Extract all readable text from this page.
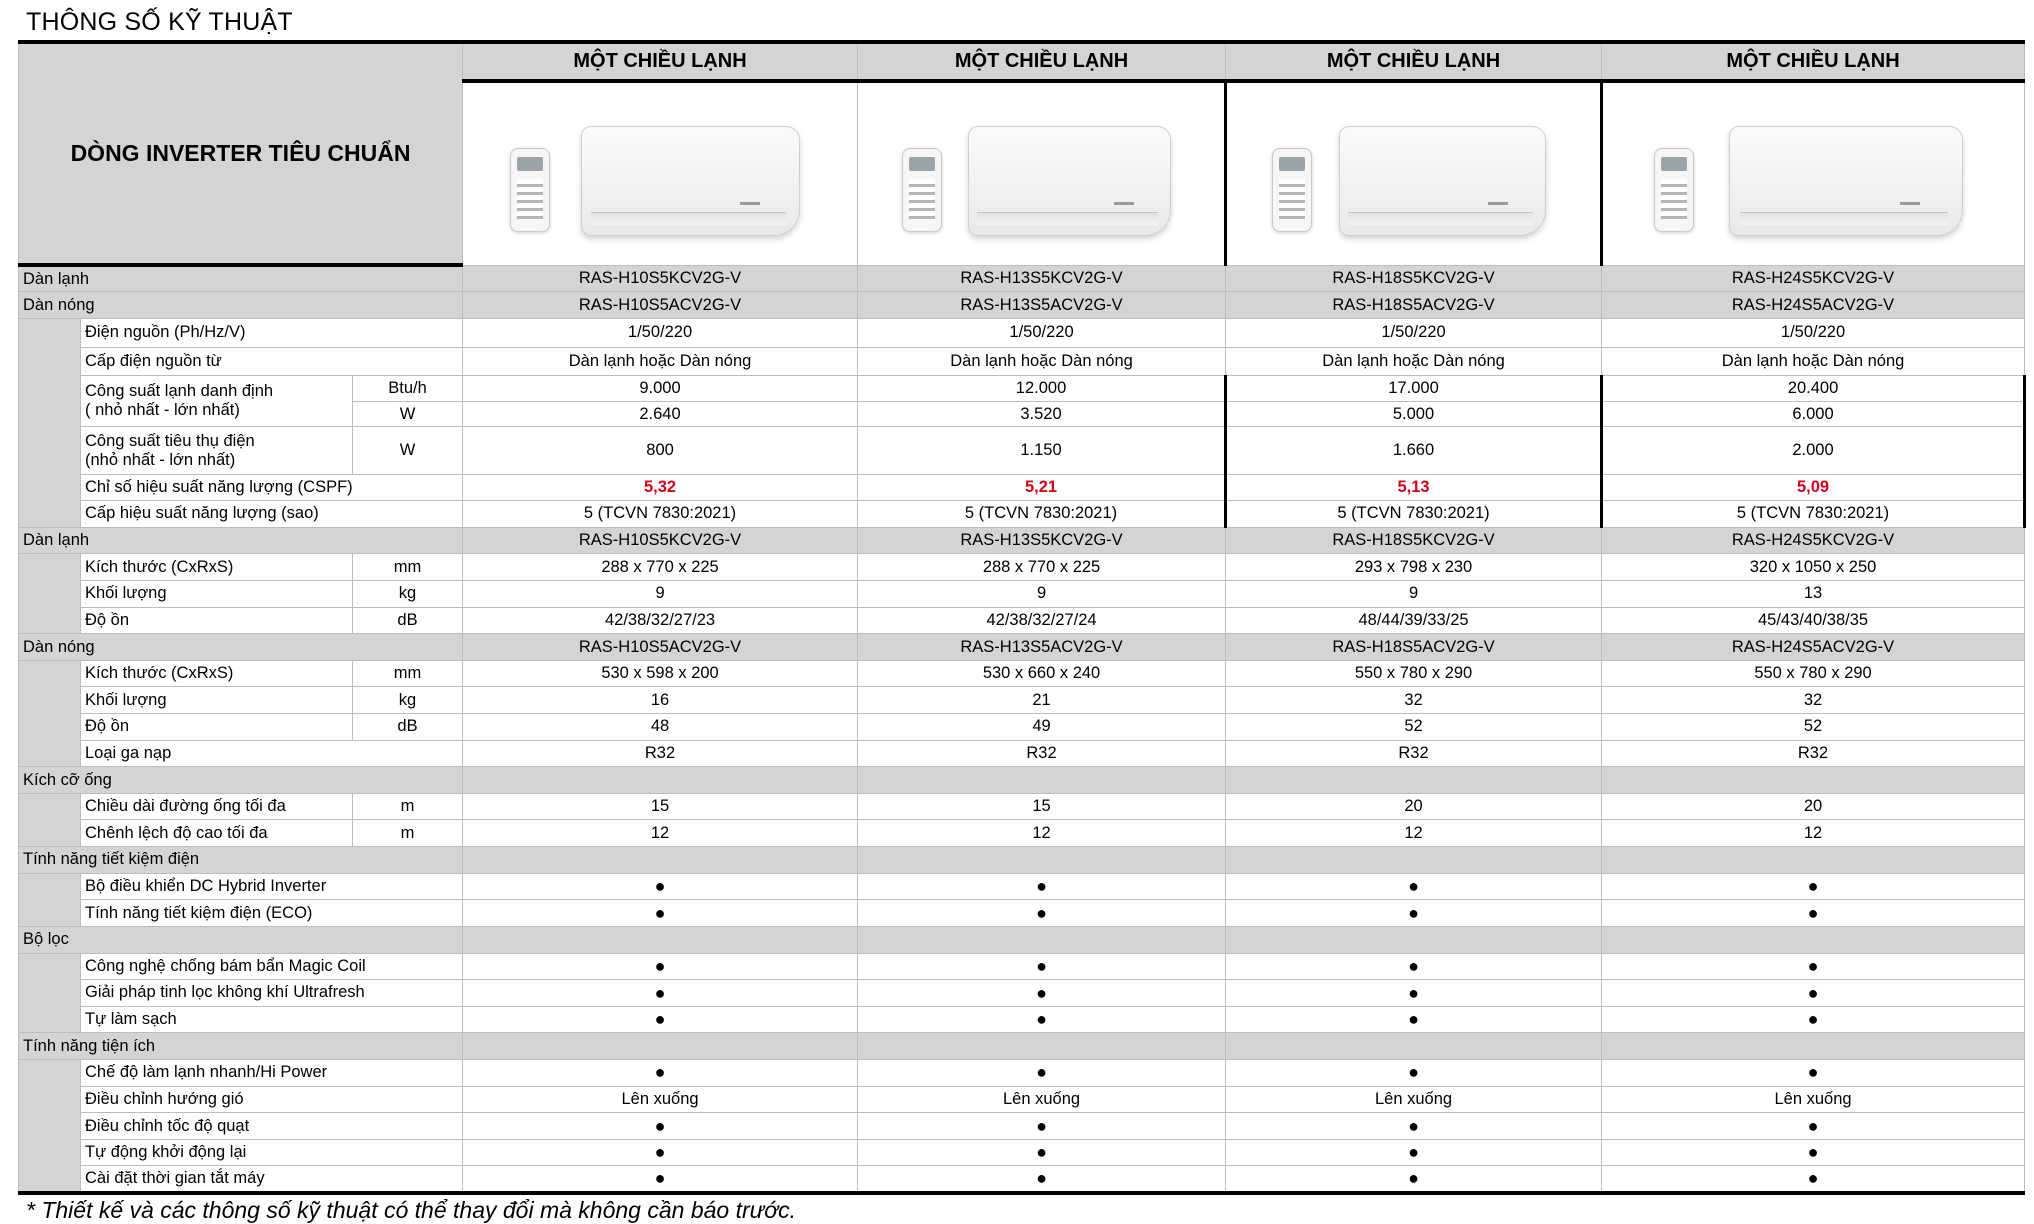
THÔNG SỐ KỸ THUẬT
DÒNG INVERTER TIÊU CHUẨN			MỘT CHIỀU LẠNH	MỘT CHIỀU LẠNH	MỘT CHIỀU LẠNH	MỘT CHIỀU LẠNH

Dàn lạnh			RAS-H10S5KCV2G-V	RAS-H13S5KCV2G-V	RAS-H18S5KCV2G-V	RAS-H24S5KCV2G-V
Dàn nóng			RAS-H10S5ACV2G-V	RAS-H13S5ACV2G-V	RAS-H18S5ACV2G-V	RAS-H24S5ACV2G-V
	Điện nguồn (Ph/Hz/V)		1/50/220	1/50/220	1/50/220	1/50/220
	Cấp điện nguồn từ		Dàn lạnh hoặc Dàn nóng	Dàn lạnh hoặc Dàn nóng	Dàn lạnh hoặc Dàn nóng	Dàn lạnh hoặc Dàn nóng

	Công suất lạnh danh định
( nhỏ nhất - lớn nhất)	Btu/h	9.000	12.000	17.000	20.400
		W	2.640	3.520	5.000	6.000

	Công suất tiêu thụ điện
(nhỏ nhất - lớn nhất)	W	800	1.150	1.660	2.000
	Chỉ số hiệu suất năng lượng (CSPF)		5,32	5,21	5,13	5,09
	Cấp hiệu suất năng lượng (sao)		5 (TCVN 7830:2021)	5 (TCVN 7830:2021)	5 (TCVN 7830:2021)	5 (TCVN 7830:2021)
Dàn lạnh			RAS-H10S5KCV2G-V	RAS-H13S5KCV2G-V	RAS-H18S5KCV2G-V	RAS-H24S5KCV2G-V
	Kích thước (CxRxS)	mm	288 x 770 x 225	288 x 770 x 225	293 x 798 x 230	320 x 1050 x 250
	Khối lượng	kg	9	9	9	13
	Độ ồn	dB	42/38/32/27/23	42/38/32/27/24	48/44/39/33/25	45/43/40/38/35
Dàn nóng			RAS-H10S5ACV2G-V	RAS-H13S5ACV2G-V	RAS-H18S5ACV2G-V	RAS-H24S5ACV2G-V
	Kích thước (CxRxS)	mm	530 x 598 x 200	530 x 660 x 240	550 x 780 x 290	550 x 780 x 290
	Khối lượng	kg	16	21	32	32
	Độ ồn	dB	48	49	52	52
	Loại ga nạp		R32	R32	R32	R32
Kích cỡ ống						
	Chiều dài đường ống tối đa	m	15	15	20	20
	Chênh lệch độ cao tối đa	m	12	12	12	12
Tính năng tiết kiệm điện						
	Bộ điều khiển DC Hybrid Inverter		●	●	●	●
	Tính năng tiết kiệm điện (ECO)		●	●	●	●
Bộ lọc						
	Công nghệ chống bám bẩn Magic Coil		●	●	●	●
	Giải pháp tinh lọc không khí Ultrafresh		●	●	●	●
	Tự làm sạch		●	●	●	●
Tính năng tiện ích						
	Chế độ làm lạnh nhanh/Hi Power		●	●	●	●
	Điều chỉnh hướng gió		Lên xuống	Lên xuống	Lên xuống	Lên xuống
	Điều chỉnh tốc độ quạt		●	●	●	●
	Tự động khởi động lại		●	●	●	●
	Cài đặt thời gian tắt máy		●	●	●	●
* Thiết kế và các thông số kỹ thuật có thể thay đổi mà không cần báo trước.
